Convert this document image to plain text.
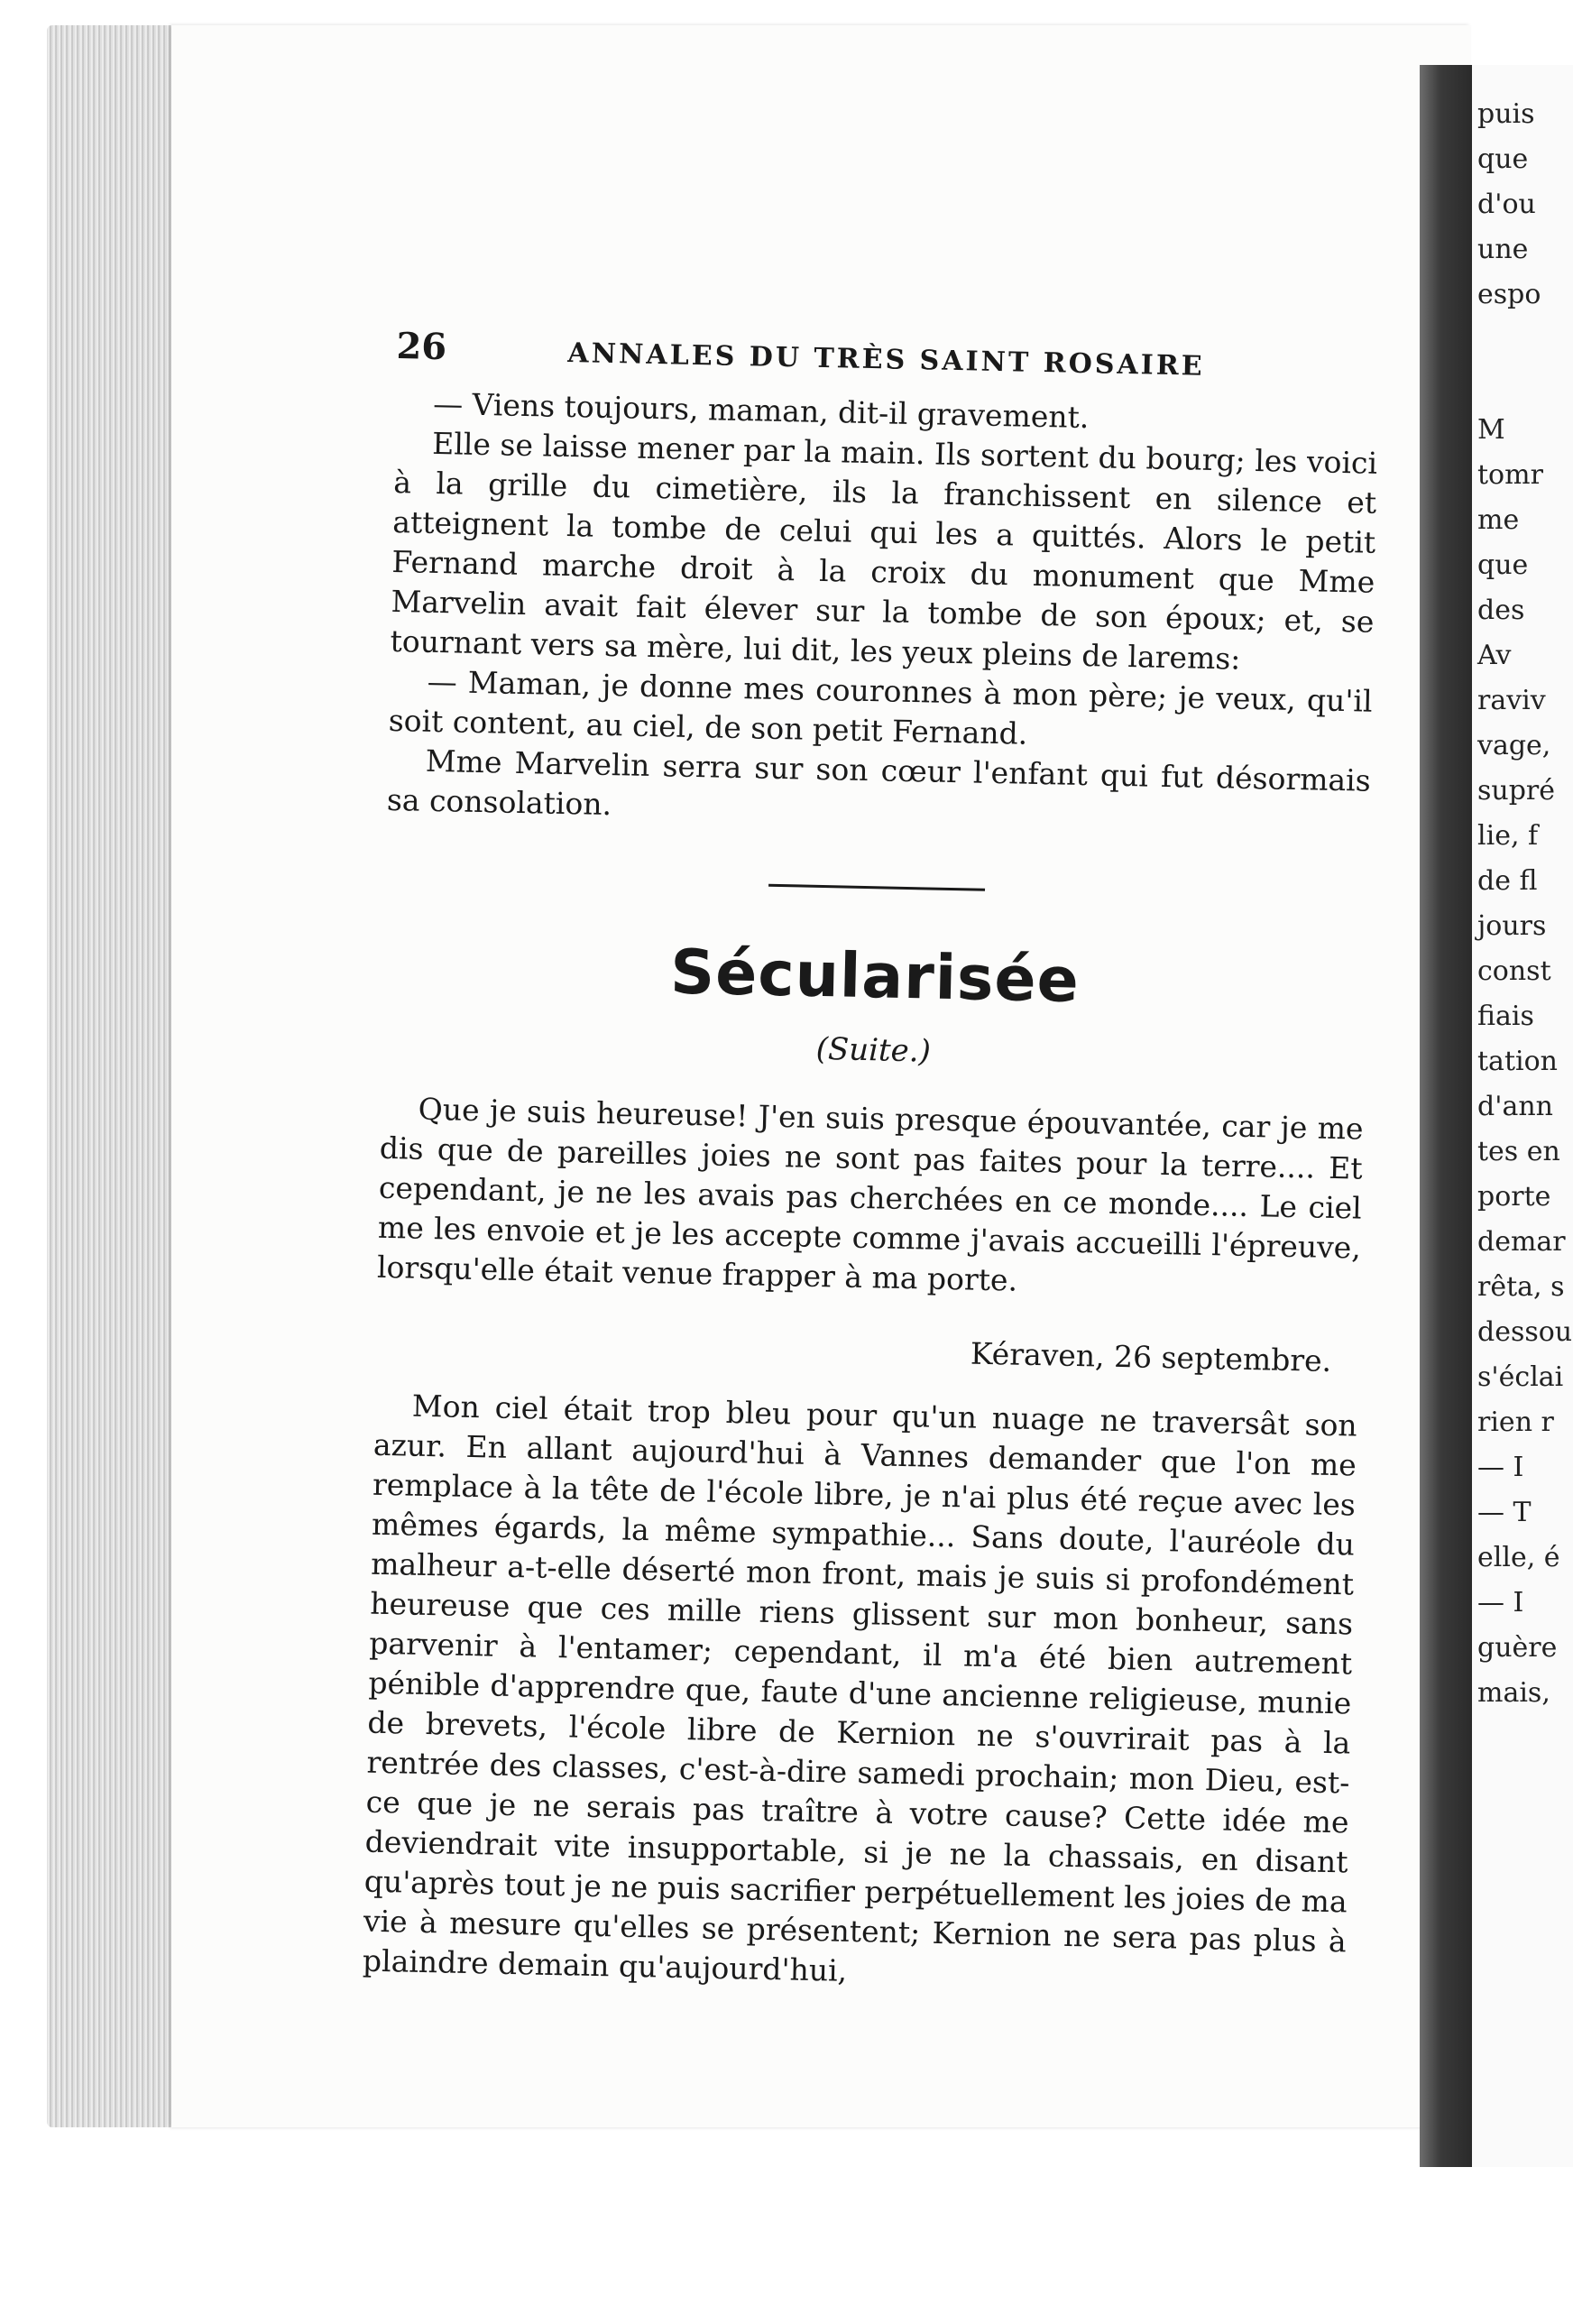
puis
que
d'ou
une
espo

M
tomr
me
que
des
Av
raviv
vage,
supré
lie, f
de fl
jours
const
fiais
tation
d'ann
tes en
porte
demar
rêta, s
dessou
s'éclai
rien r
— I
— T
elle, é
— I
guère
mais,
26	ANNALES DU TRÈS SAINT ROSAIRE

— Viens toujours, maman, dit-il gravement.

Elle se laisse mener par la main. Ils sortent du bourg; les voici à la grille du cimetière, ils la franchissent en silence et atteignent la tombe de celui qui les a quittés. Alors le petit Fernand marche droit à la croix du monument que Mme Marvelin avait fait élever sur la tombe de son époux; et, se tournant vers sa mère, lui dit, les yeux pleins de larems:

— Maman, je donne mes couronnes à mon père; je veux, qu'il soit content, au ciel, de son petit Fernand.

Mme Marvelin serra sur son cœur l'enfant qui fut désormais sa consolation.

Sécularisée
(Suite.)

Que je suis heureuse! J'en suis presque épouvantée, car je me dis que de pareilles joies ne sont pas faites pour la terre.... Et cependant, je ne les avais pas cherchées en ce monde.... Le ciel me les envoie et je les accepte comme j'avais accueilli l'épreuve, lorsqu'elle était venue frapper à ma porte.

Kéraven, 26 septembre.

Mon ciel était trop bleu pour qu'un nuage ne traversât son azur. En allant aujourd'hui à Vannes demander que l'on me remplace à la tête de l'école libre, je n'ai plus été reçue avec les mêmes égards, la même sympathie... Sans doute, l'auréole du malheur a-t-elle déserté mon front, mais je suis si profondément heureuse que ces mille riens glissent sur mon bonheur, sans parvenir à l'entamer; cependant, il m'a été bien autrement pénible d'apprendre que, faute d'une ancienne religieuse, munie de brevets, l'école libre de Kernion ne s'ouvrirait pas à la rentrée des classes, c'est-à-dire samedi prochain; mon Dieu, est-ce que je ne serais pas traître à votre cause? Cette idée me deviendrait vite insupportable, si je ne la chassais, en disant qu'après tout je ne puis sacrifier perpétuellement les joies de ma vie à mesure qu'elles se présentent; Kernion ne sera pas plus à plaindre demain qu'aujourd'hui,
